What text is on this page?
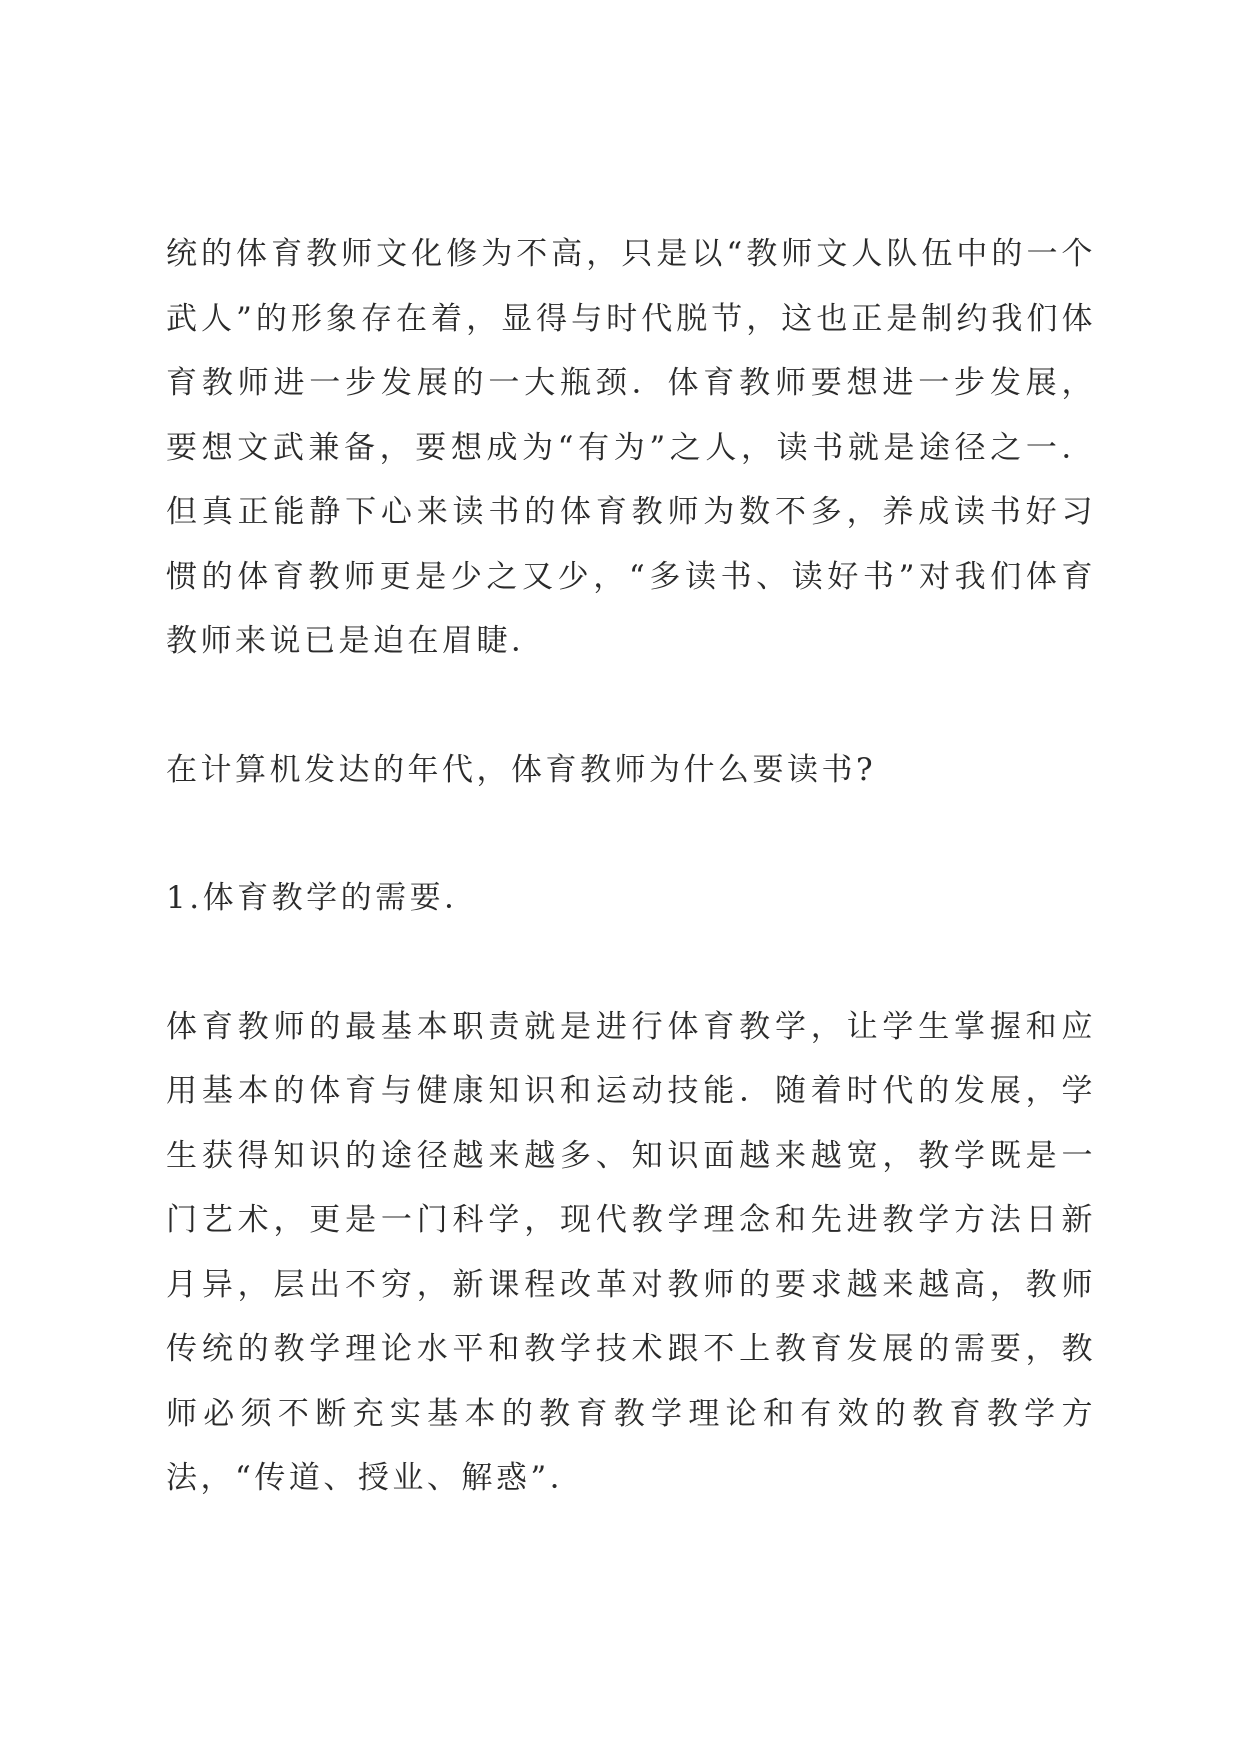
统的体育教师文化修为不高，只是以“教师文人队伍中的一个武人”的形象存在着，显得与时代脱节，这也正是制约我们体育教师进一步发展的一大瓶颈．体育教师要想进一步发展，要想文武兼备，要想成为“有为”之人，读书就是途径之一．但真正能静下心来读书的体育教师为数不多，养成读书好习惯的体育教师更是少之又少，“多读书、读好书”对我们体育教师来说已是迫在眉睫．

在计算机发达的年代，体育教师为什么要读书?

1.体育教学的需要．

体育教师的最基本职责就是进行体育教学，让学生掌握和应用基本的体育与健康知识和运动技能．随着时代的发展，学生获得知识的途径越来越多、知识面越来越宽，教学既是一门艺术，更是一门科学，现代教学理念和先进教学方法日新月异，层出不穷，新课程改革对教师的要求越来越高，教师传统的教学理论水平和教学技术跟不上教育发展的需要，教师必须不断充实基本的教育教学理论和有效的教育教学方法，“传道、授业、解惑”．
